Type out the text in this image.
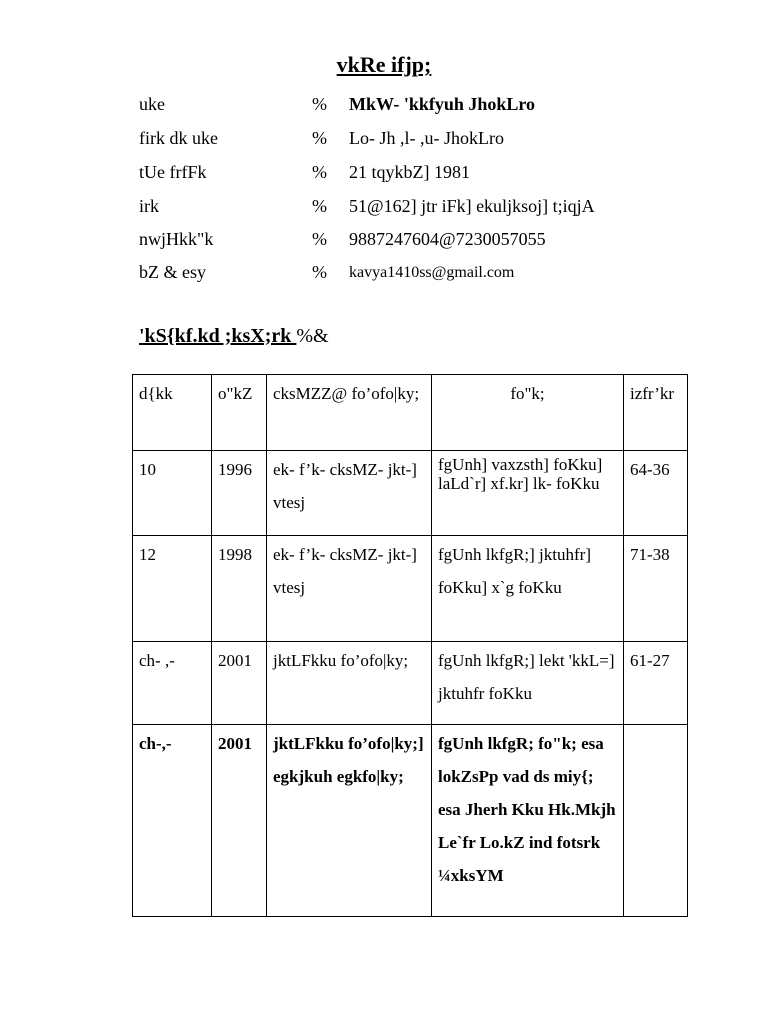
vkRe ifjp;
uke	% MkW- 'kkfyuh JhokLro
firk dk uke	% Lo- Jh ,l- ,u- JhokLro
tUe frfFk	% 21 tqykbZ] 1981
irk	% 51@162] jtr iFk] ekuljksoj] t;iqjA
nwjHkk"k	% 9887247604@7230057055
bZ & esy	% kavya1410ss@gmail.com
'kS{kf.kd ;ksX;rk %&
d{kk	o"kZ	cksMZZ@ fo’ofo|ky;	fo"k;	izfr’kr
10	1996	ek- f’k- cksMZ- jkt-] vtesj	fgUnh] vaxzsth] foKku] laLd`r] xf.kr] lk- foKku	64-36
12	1998	ek- f’k- cksMZ- jkt-] vtesj	fgUnh lkfgR;] jktuhfr] foKku] x`g foKku	71-38
ch- ,-	2001	jktLFkku fo’ofo|ky;	fgUnh lkfgR;] lekt 'kkL=] jktuhfr foKku	61-27
ch-,-	2001	jktLFkku fo’ofo|ky;] egkjkuh egkfo|ky;	fgUnh lkfgR; fo"k; esa lokZsPp vad ds miy{; esa Jherh Kku Hk.Mkjh Le`fr Lo.kZ ind fotsrk ¼xksYM	
